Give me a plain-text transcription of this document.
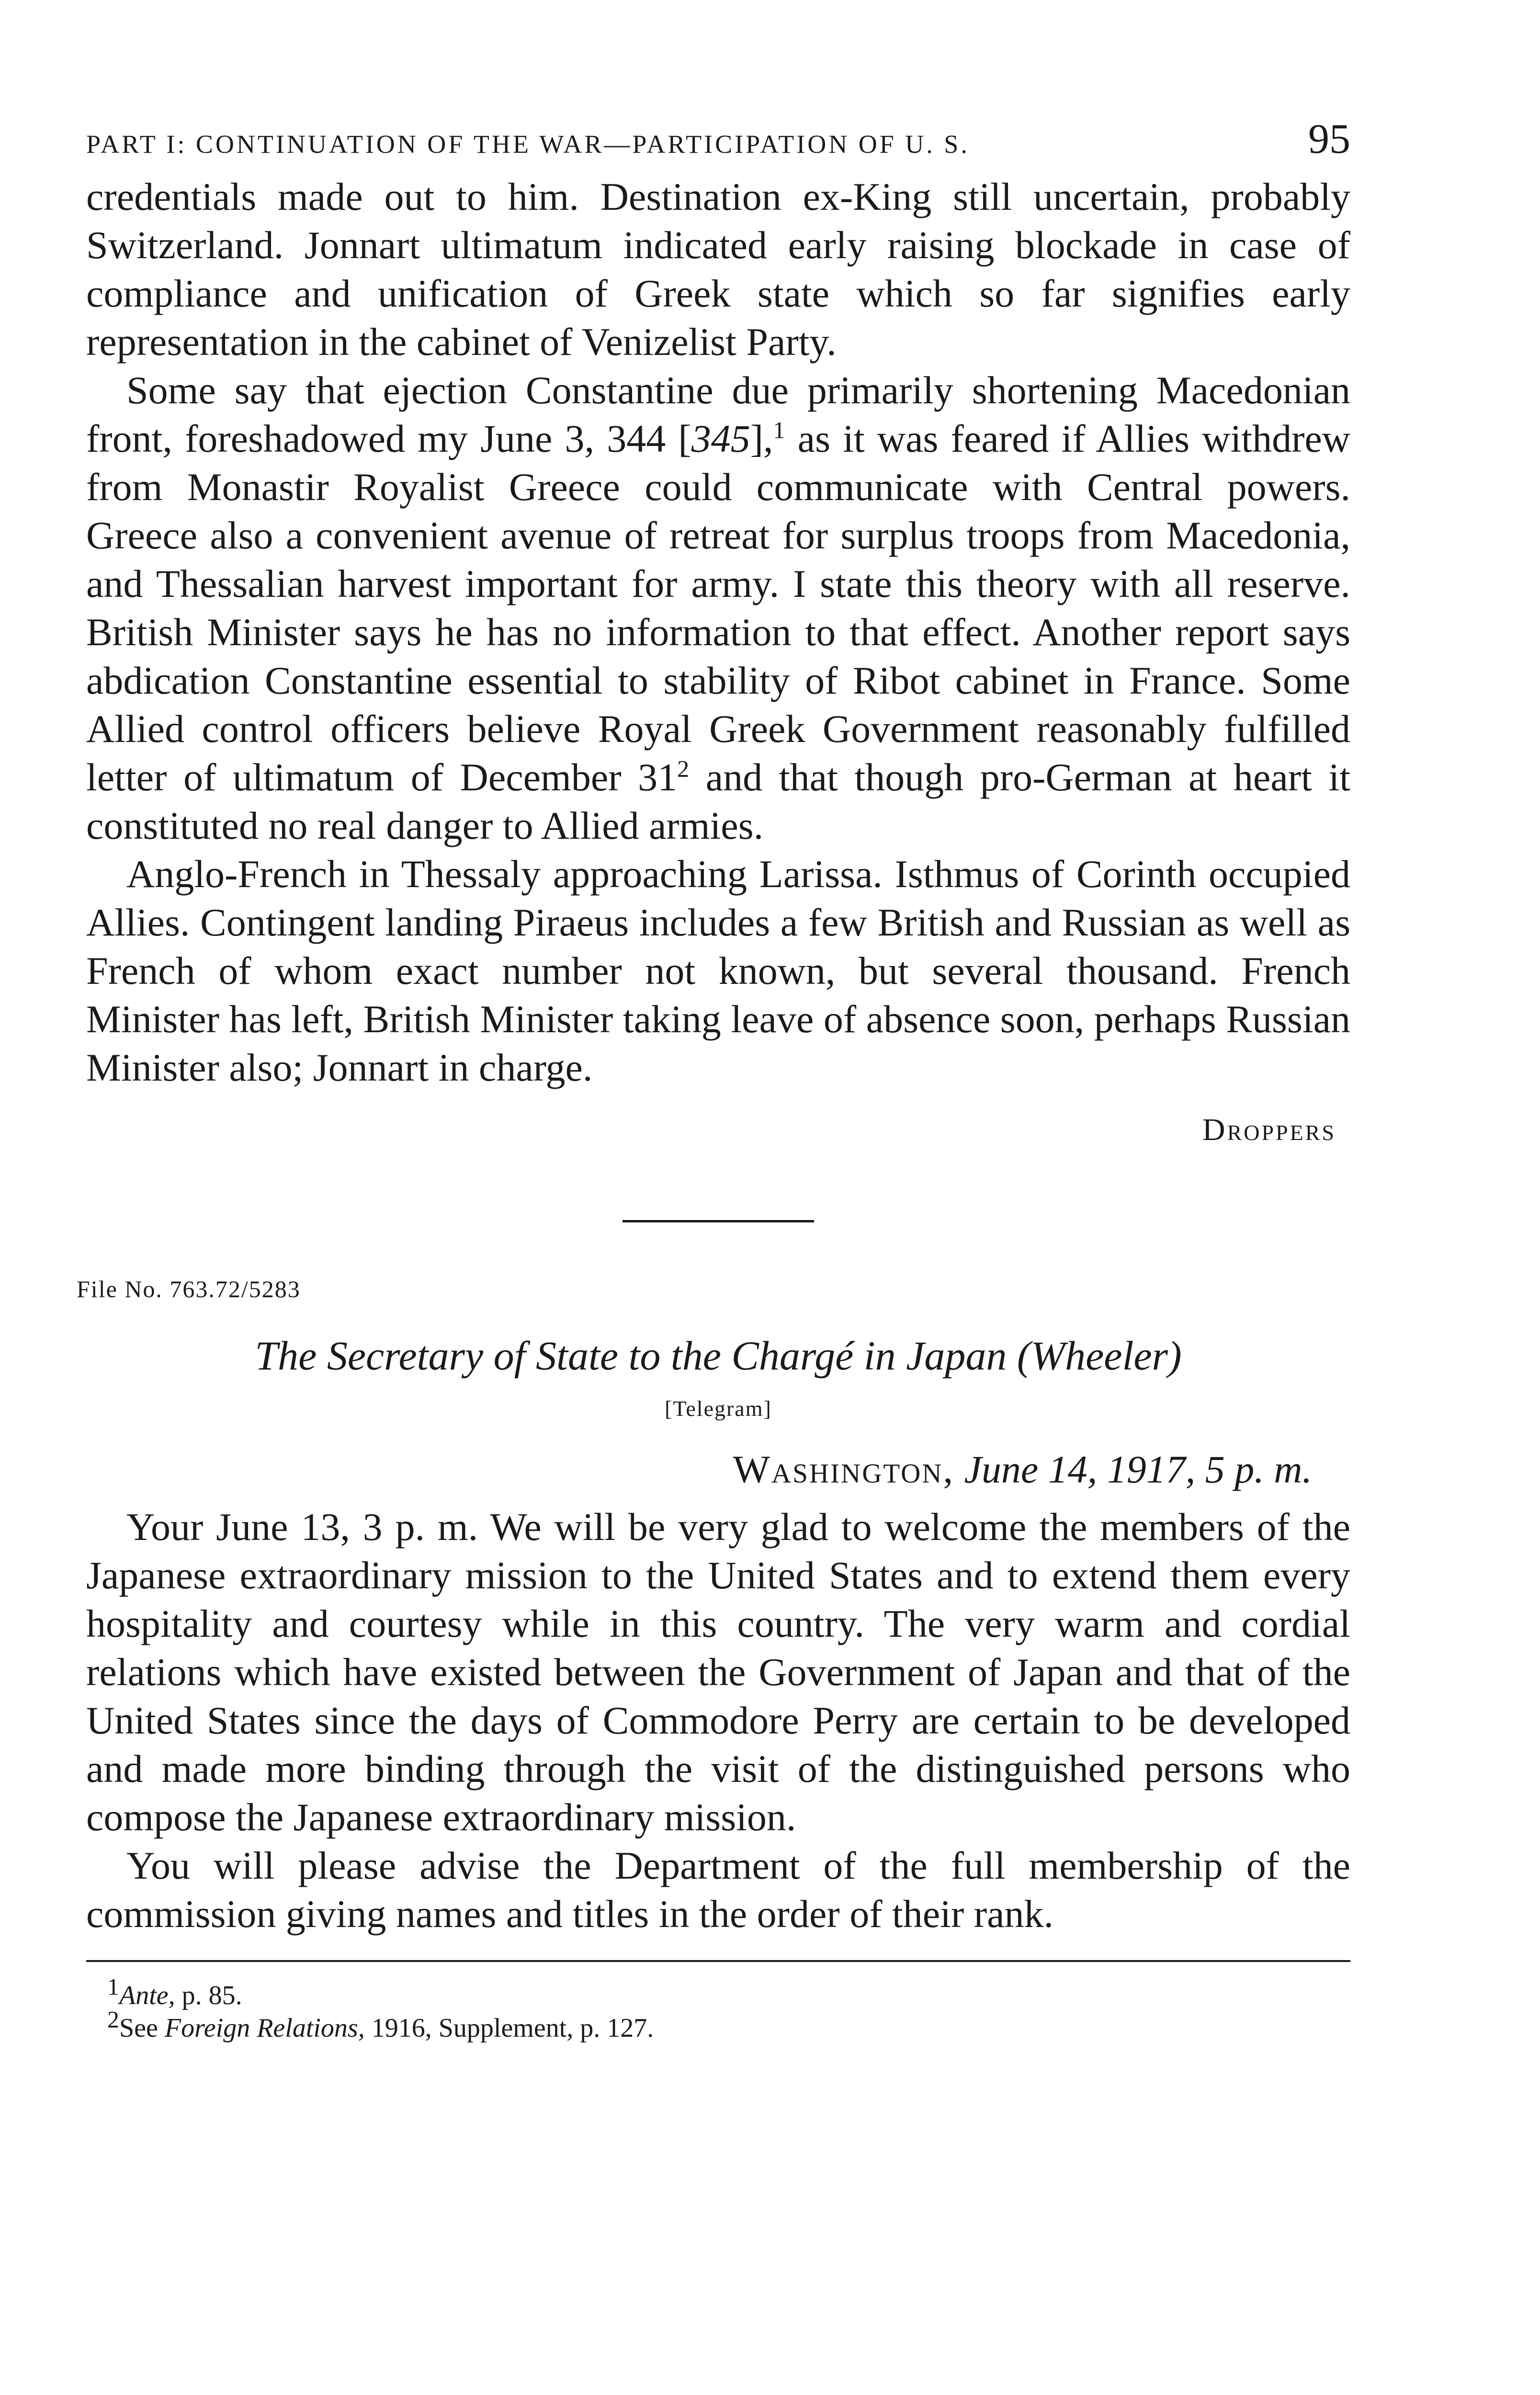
PART I: CONTINUATION OF THE WAR—PARTICIPATION OF U. S.	95

credentials made out to him. Destination ex-King still uncertain, probably Switzerland. Jonnart ultimatum indicated early raising blockade in case of compliance and unification of Greek state which so far signifies early representation in the cabinet of Venizelist Party.

Some say that ejection Constantine due primarily shortening Macedonian front, foreshadowed my June 3, 344 [345],$^1$ as it was feared if Allies withdrew from Monastir Royalist Greece could communicate with Central powers. Greece also a convenient avenue of retreat for surplus troops from Macedonia, and Thessalian harvest important for army. I state this theory with all reserve. British Minister says he has no information to that effect. Another report says abdication Constantine essential to stability of Ribot cabinet in France. Some Allied control officers believe Royal Greek Government reasonably fulfilled letter of ultimatum of December $31^2$ and that though pro-German at heart it constituted no real danger to Allied armies.

Anglo-French in Thessaly approaching Larissa. Isthmus of Corinth occupied Allies. Contingent landing Piraeus includes a few British and Russian as well as French of whom exact number not known, but several thousand. French Minister has left, British Minister taking leave of absence soon, perhaps Russian Minister also; Jonnart in charge.

Droppers
File No. 763.72/5283
The Secretary of State to the Chargé in Japan (Wheeler)
[Telegram]
Washington, June 14, 1917, 5 p. m.

Your June 13, 3 p. m. We will be very glad to welcome the members of the Japanese extraordinary mission to the United States and to extend them every hospitality and courtesy while in this country. The very warm and cordial relations which have existed between the Government of Japan and that of the United States since the days of Commodore Perry are certain to be developed and made more binding through the visit of the distinguished persons who compose the Japanese extraordinary mission.

You will please advise the Department of the full membership of the commission giving names and titles in the order of their rank.

1Ante, p. 85.
2See Foreign Relations, 1916, Supplement, p. 127.
